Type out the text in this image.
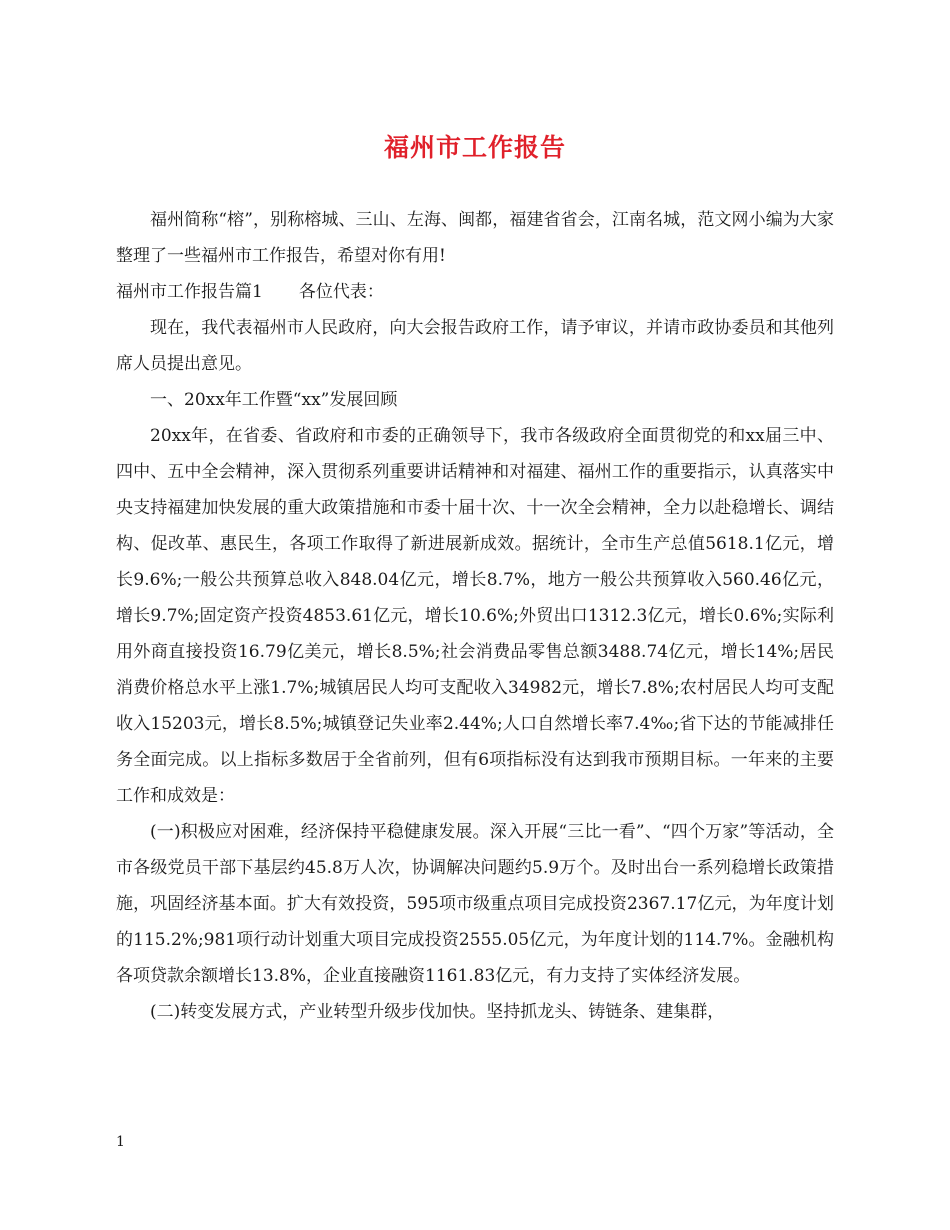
福州市工作报告

福州简称“榕”，别称榕城、三山、左海、闽都，福建省省会，江南名城，范文网小编为大家整理了一些福州市工作报告，希望对你有用!

福州市工作报告篇1 各位代表：

现在，我代表福州市人民政府，向大会报告政府工作，请予审议，并请市政协委员和其他列席人员提出意见。

一、20xx年工作暨“xx”发展回顾

20xx年，在省委、省政府和市委的正确领导下，我市各级政府全面贯彻党的和xx届三中、四中、五中全会精神，深入贯彻系列重要讲话精神和对福建、福州工作的重要指示，认真落实中央支持福建加快发展的重大政策措施和市委十届十次、十一次全会精神，全力以赴稳增长、调结构、促改革、惠民生，各项工作取得了新进展新成效。据统计，全市生产总值5618.1亿元，增长9.6%;一般公共预算总收入848.04亿元，增长8.7%，地方一般公共预算收入560.46亿元，增长9.7%;固定资产投资4853.61亿元，增长10.6%;外贸出口1312.3亿元，增长0.6%;实际利用外商直接投资16.79亿美元，增长8.5%;社会消费品零售总额3488.74亿元，增长14%;居民消费价格总水平上涨1.7%;城镇居民人均可支配收入34982元，增长7.8%;农村居民人均可支配收入15203元，增长8.5%;城镇登记失业率2.44%;人口自然增长率7.4‰;省下达的节能减排任务全面完成。以上指标多数居于全省前列，但有6项指标没有达到我市预期目标。一年来的主要工作和成效是：

(一)积极应对困难，经济保持平稳健康发展。深入开展“三比一看”、“四个万家”等活动，全市各级党员干部下基层约45.8万人次，协调解决问题约5.9万个。及时出台一系列稳增长政策措施，巩固经济基本面。扩大有效投资，595项市级重点项目完成投资2367.17亿元，为年度计划的115.2%;981项行动计划重大项目完成投资2555.05亿元，为年度计划的114.7%。金融机构各项贷款余额增长13.8%，企业直接融资1161.83亿元，有力支持了实体经济发展。

(二)转变发展方式，产业转型升级步伐加快。坚持抓龙头、铸链条、建集群，

1
